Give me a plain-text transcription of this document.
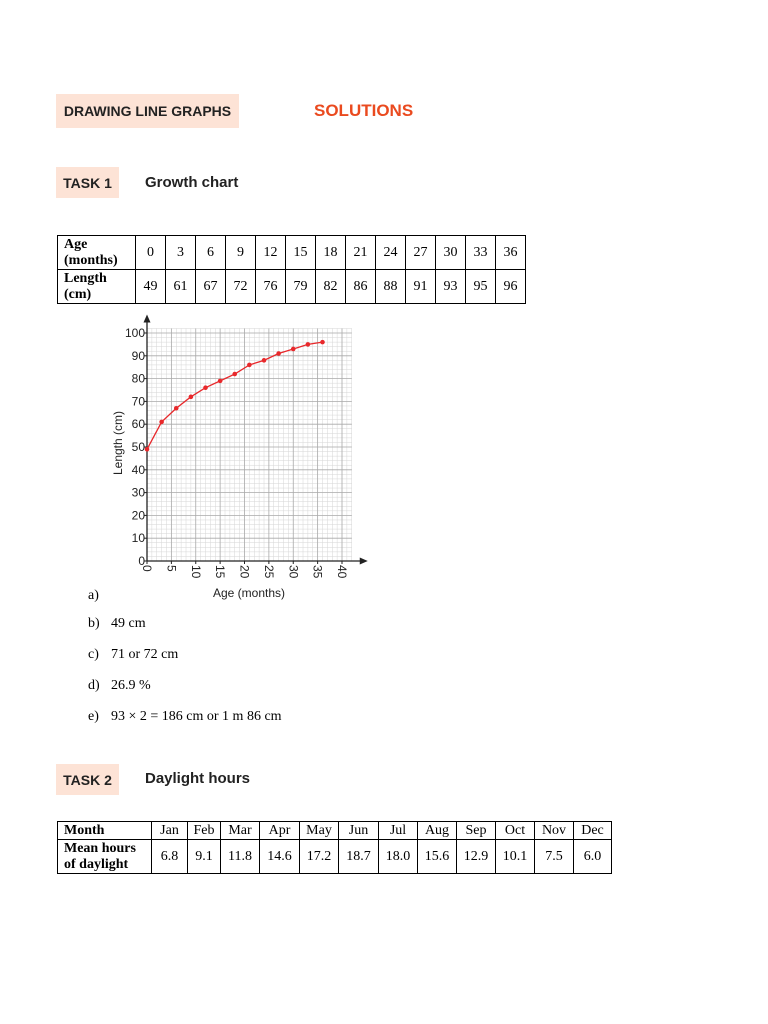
DRAWING LINE GRAPHS	SOLUTIONS
TASK 1	Growth chart
Age (months)	0	3	6	9	12	15	18	21	24	27	30	33	36
Length (cm)	49	61	67	72	76	79	82	86	88	91	93	95	96
0
10
20
30
40
50
60
70
80
90
100
0 5 10 15 20 25 30 35 40
Length (cm)
Age (months)
a)
b) 49 cm
c) 71 or 72 cm
d) 26.9 %
e) 93 × 2 = 186 cm or 1 m 86 cm
TASK 2	Daylight hours
Month	Jan	Feb	Mar	Apr	May	Jun	Jul	Aug	Sep	Oct	Nov	Dec
Mean hours of daylight	6.8	9.1	11.8	14.6	17.2	18.7	18.0	15.6	12.9	10.1	7.5	6.0
